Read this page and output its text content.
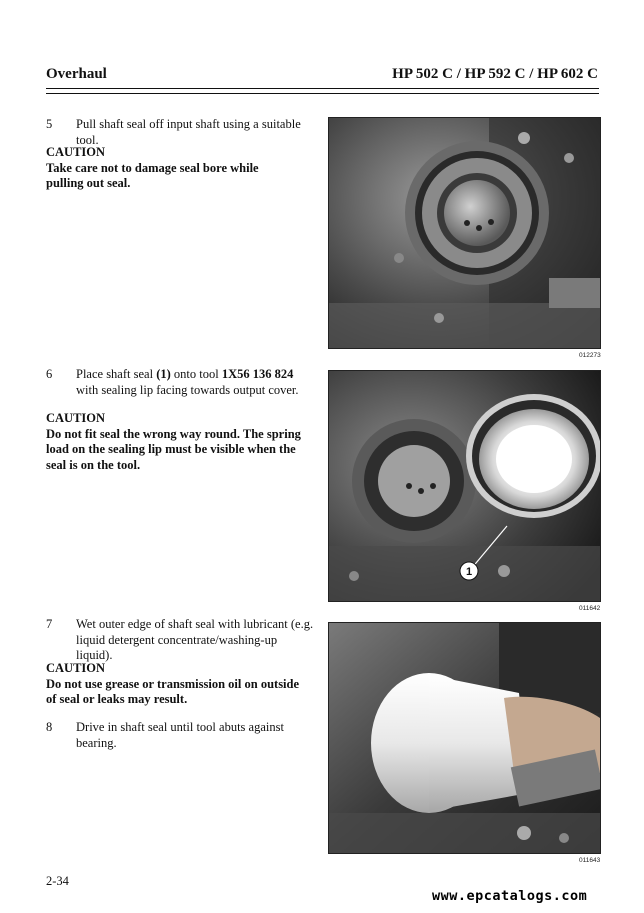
Overhaul	HP 502 C / HP 592 C / HP 602 C
5 Pull shaft seal off input shaft using a suitable tool.
CAUTION
Take care not to damage seal bore while pulling out seal.
012273
6 Place shaft seal (1) onto tool 1X56 136 824 with sealing lip facing towards output cover.
CAUTION
Do not fit seal the wrong way round. The spring load on the sealing lip must be visible when the seal is on the tool.
1
011642
7 Wet outer edge of shaft seal with lubricant (e.g. liquid detergent concentrate/washing-up liquid).
CAUTION
Do not use grease or transmission oil on outside of seal or leaks may result.
8 Drive in shaft seal until tool abuts against bearing.
011643
2-34
www.epcatalogs.com
